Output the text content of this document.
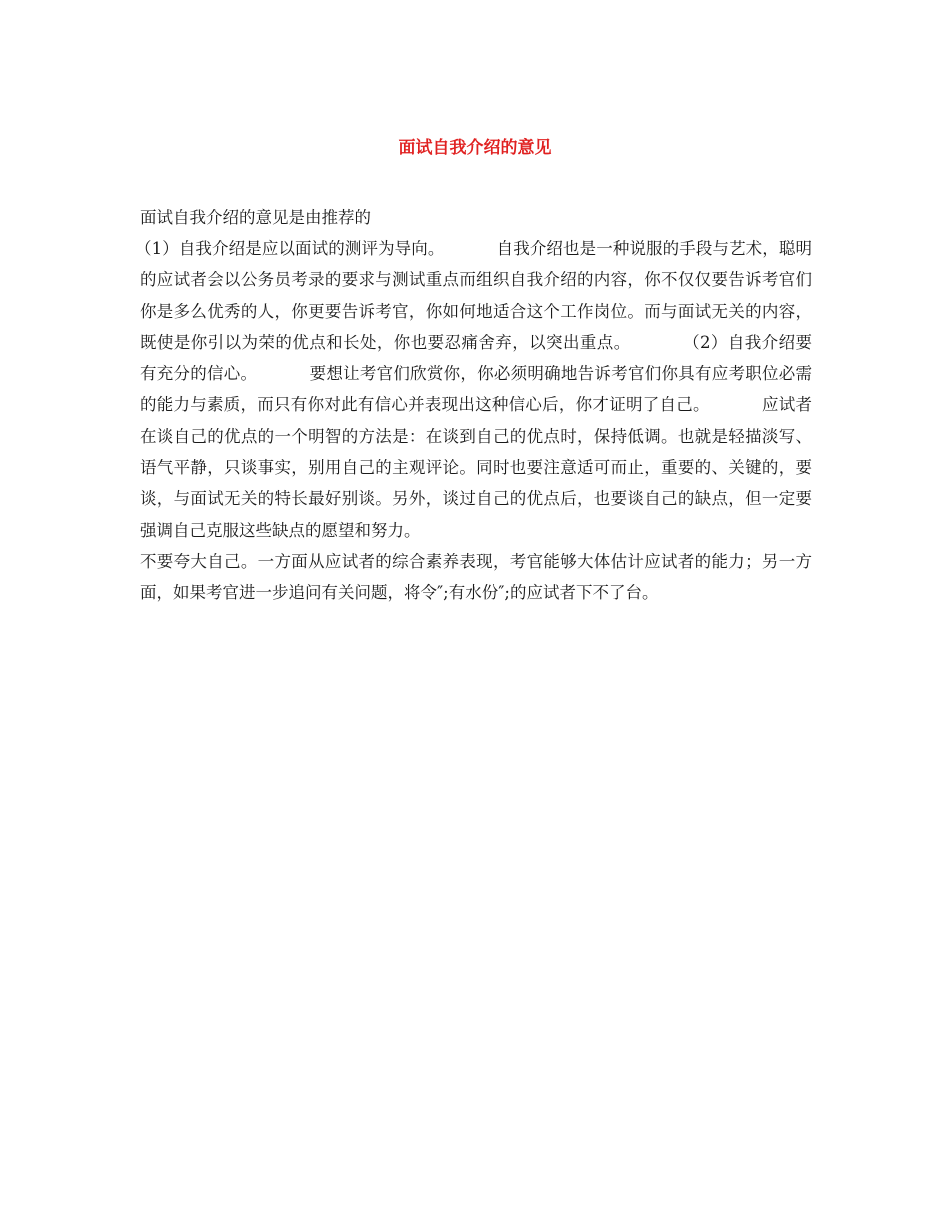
面试自我介绍的意见

面试自我介绍的意见是由推荐的

（1）自我介绍是应以面试的测评为导向。	自我介绍也是一种说服的手段与艺术，聪明的应试者会以公务员考录的要求与测试重点而组织自我介绍的内容，你不仅仅要告诉考官们你是多么优秀的人，你更要告诉考官，你如何地适合这个工作岗位。而与面试无关的内容，既使是你引以为荣的优点和长处，你也要忍痛舍弃，以突出重点。	（2）自我介绍要有充分的信心。	要想让考官们欣赏你，你必须明确地告诉考官们你具有应考职位必需的能力与素质，而只有你对此有信心并表现出这种信心后，你才证明了自己。	应试者在谈自己的优点的一个明智的方法是：在谈到自己的优点时，保持低调。也就是轻描淡写、语气平静，只谈事实，别用自己的主观评论。同时也要注意适可而止，重要的、关键的，要谈，与面试无关的特长最好别谈。另外，谈过自己的优点后，也要谈自己的缺点，但一定要强调自己克服这些缺点的愿望和努力。

不要夸大自己。一方面从应试者的综合素养表现，考官能够大体估计应试者的能力；另一方面，如果考官进一步追问有关问题，将令″;有水份″;的应试者下不了台。
